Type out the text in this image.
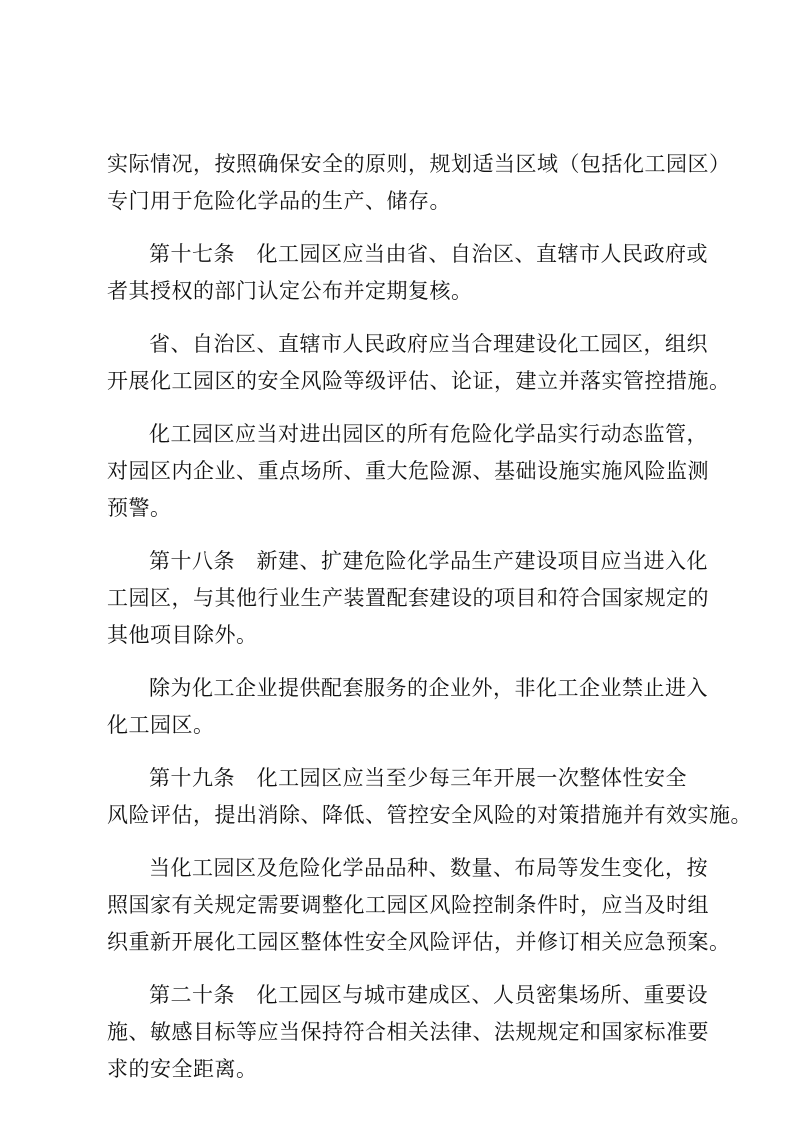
实际情况，按照确保安全的原则，规划适当区域（包括化工园区）
专门用于危险化学品的生产、储存。
第十七条　化工园区应当由省、自治区、直辖市人民政府或
者其授权的部门认定公布并定期复核。
省、自治区、直辖市人民政府应当合理建设化工园区，组织
开展化工园区的安全风险等级评估、论证，建立并落实管控措施。
化工园区应当对进出园区的所有危险化学品实行动态监管，
对园区内企业、重点场所、重大危险源、基础设施实施风险监测
预警。
第十八条　新建、扩建危险化学品生产建设项目应当进入化
工园区，与其他行业生产装置配套建设的项目和符合国家规定的
其他项目除外。
除为化工企业提供配套服务的企业外，非化工企业禁止进入
化工园区。
第十九条　化工园区应当至少每三年开展一次整体性安全
风险评估，提出消除、降低、管控安全风险的对策措施并有效实施。
当化工园区及危险化学品品种、数量、布局等发生变化，按
照国家有关规定需要调整化工园区风险控制条件时，应当及时组
织重新开展化工园区整体性安全风险评估，并修订相关应急预案。
第二十条　化工园区与城市建成区、人员密集场所、重要设
施、敏感目标等应当保持符合相关法律、法规规定和国家标准要
求的安全距离。
